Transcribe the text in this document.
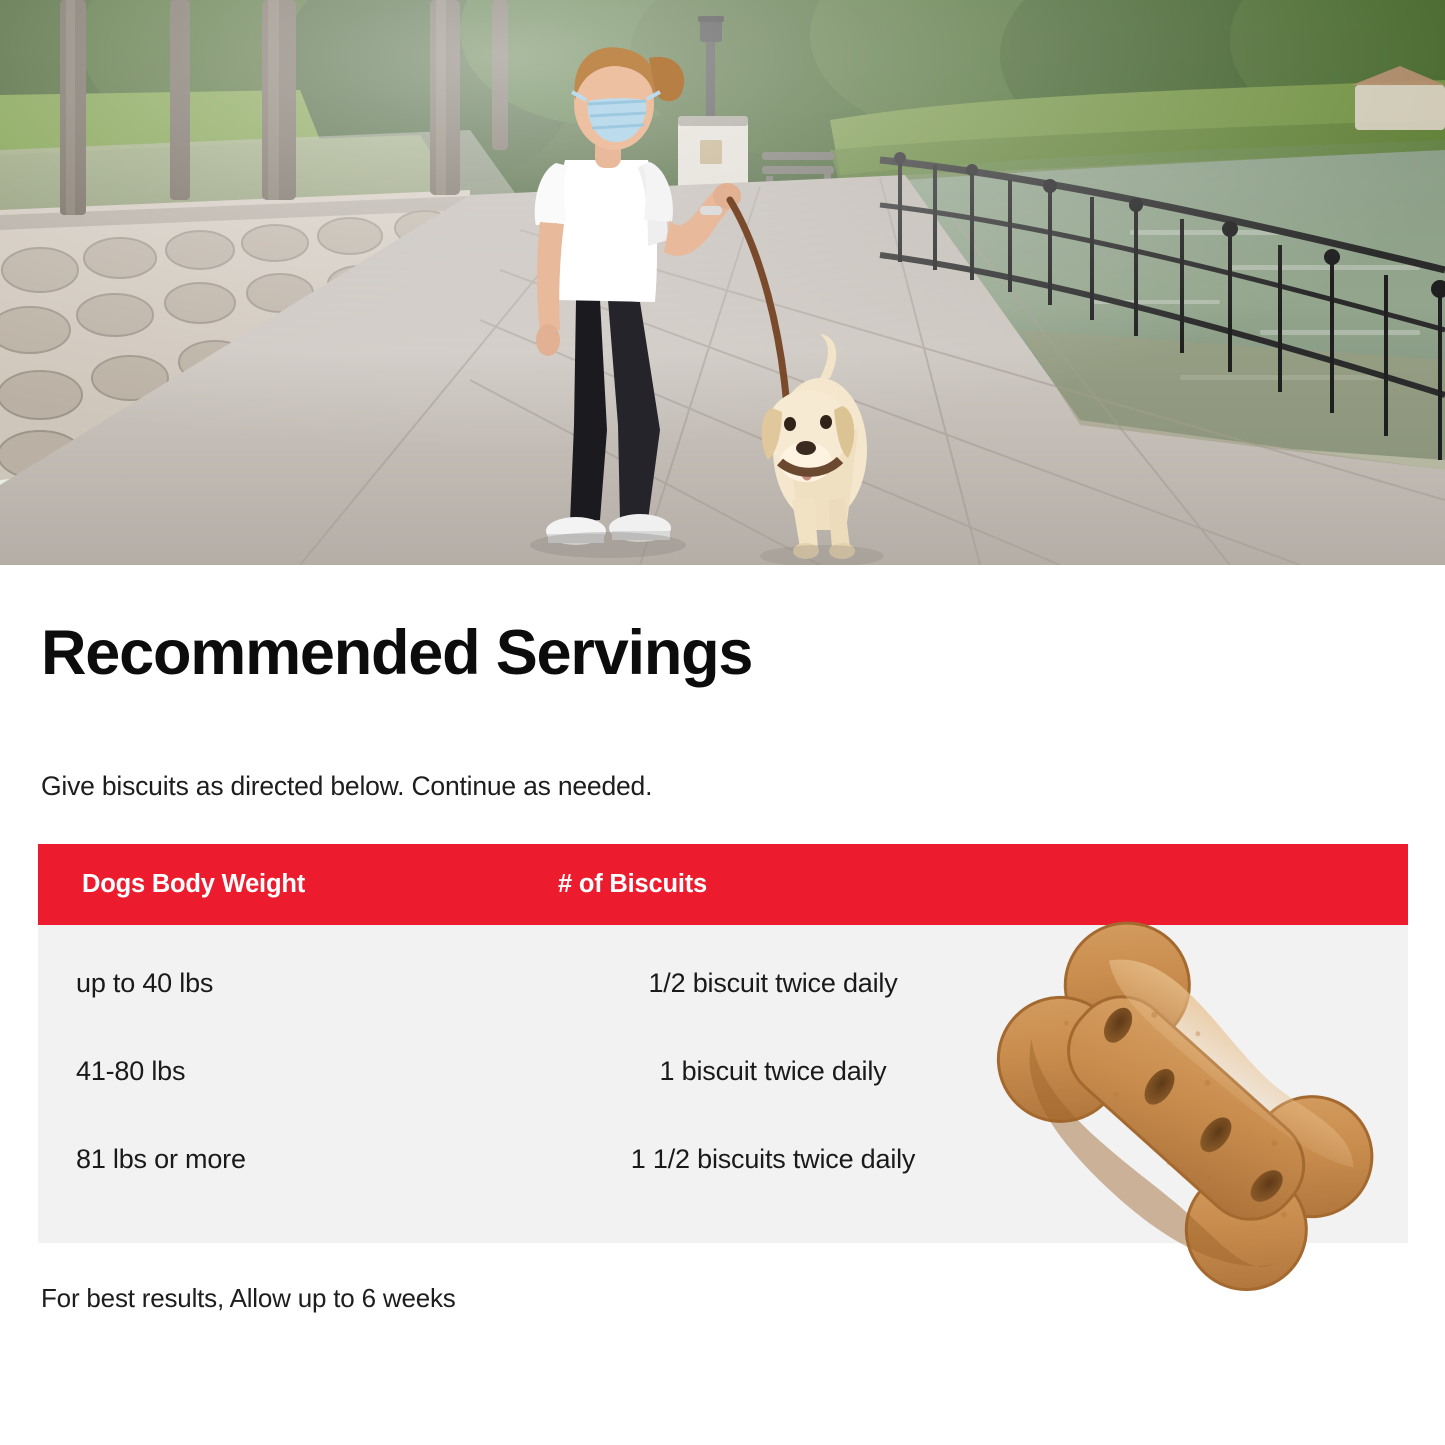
Recommended Servings

Give biscuits as directed below. Continue as needed.

Dogs Body Weight	# of Biscuits
up to 40 lbs	1/2 biscuit twice daily
41-80 lbs	1 biscuit twice daily
81 lbs or more	1 1/2 biscuits twice daily

For best results, Allow up to 6 weeks
